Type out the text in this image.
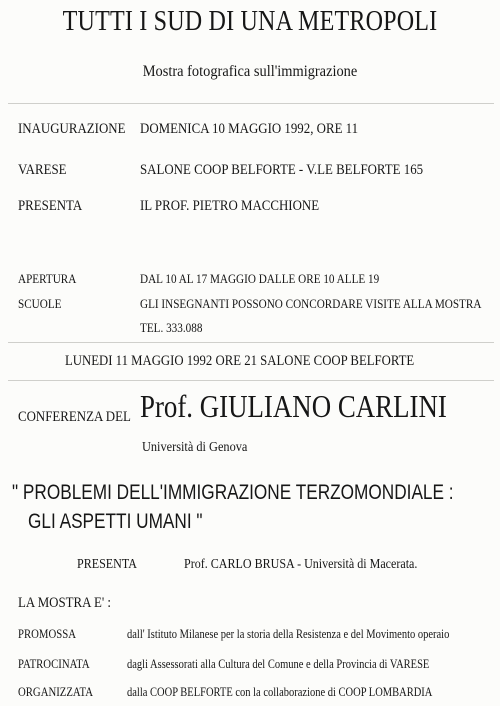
TUTTI I SUD DI UNA METROPOLI
Mostra fotografica sull'immigrazione
INAUGURAZIONE DOMENICA 10 MAGGIO 1992, ORE 11
VARESE	SALONE COOP BELFORTE - V.LE BELFORTE 165
PRESENTA	IL PROF. PIETRO MACCHIONE
APERTURA	DAL 10 AL 17 MAGGIO DALLE ORE 10 ALLE 19
SCUOLE	GLI INSEGNANTI POSSONO CONCORDARE VISITE ALLA MOSTRA
TEL. 333.088
LUNEDI 11 MAGGIO 1992 ORE 21 SALONE COOP BELFORTE
CONFERENZA DEL Prof. GIULIANO CARLINI
Università di Genova
" PROBLEMI DELL'IMMIGRAZIONE TERZOMONDIALE :
GLI ASPETTI UMANI "
PRESENTA	Prof. CARLO BRUSA - Università di Macerata.
LA MOSTRA E' :
PROMOSSA	dall' Istituto Milanese per la storia della Resistenza e del Movimento operaio
PATROCINATA	dagli Assessorati alla Cultura del Comune e della Provincia di VARESE
ORGANIZZATA	dalla COOP BELFORTE con la collaborazione di COOP LOMBARDIA
